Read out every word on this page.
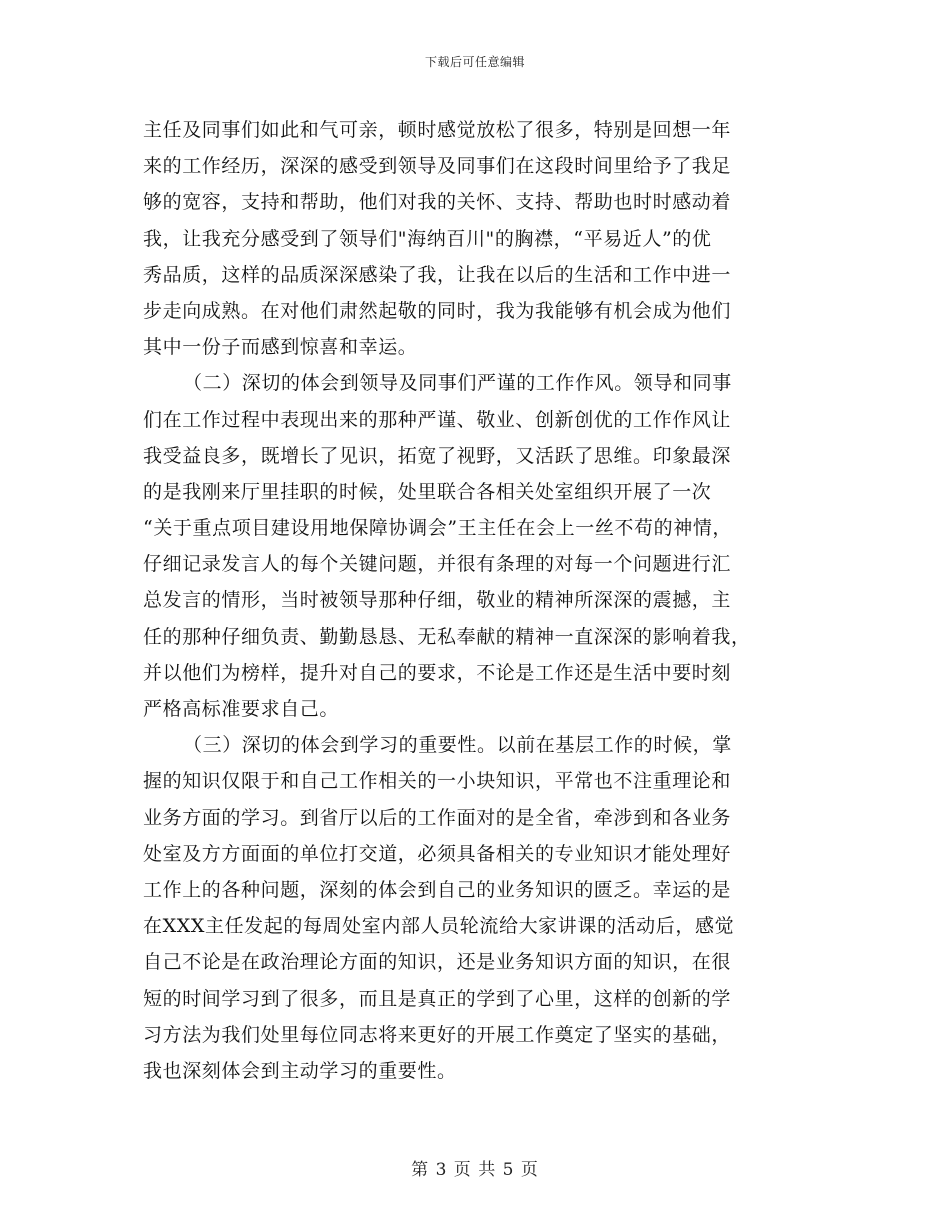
下载后可任意编辑
主任及同事们如此和气可亲，顿时感觉放松了很多，特别是回想一年
来的工作经历，深深的感受到领导及同事们在这段时间里给予了我足
够的宽容，支持和帮助，他们对我的关怀、支持、帮助也时时感动着
我，让我充分感受到了领导们"海纳百川"的胸襟，“平易近人”的优
秀品质，这样的品质深深感染了我，让我在以后的生活和工作中进一
步走向成熟。在对他们肃然起敬的同时，我为我能够有机会成为他们
其中一份子而感到惊喜和幸运。
（二）深切的体会到领导及同事们严谨的工作作风。领导和同事
们在工作过程中表现出来的那种严谨、敬业、创新创优的工作作风让
我受益良多，既增长了见识，拓宽了视野，又活跃了思维。印象最深
的是我刚来厅里挂职的时候，处里联合各相关处室组织开展了一次
“关于重点项目建设用地保障协调会”王主任在会上一丝不苟的神情，
仔细记录发言人的每个关键问题，并很有条理的对每一个问题进行汇
总发言的情形，当时被领导那种仔细，敬业的精神所深深的震撼，主
任的那种仔细负责、勤勤恳恳、无私奉献的精神一直深深的影响着我，
并以他们为榜样，提升对自己的要求，不论是工作还是生活中要时刻
严格高标准要求自己。
（三）深切的体会到学习的重要性。以前在基层工作的时候，掌
握的知识仅限于和自己工作相关的一小块知识，平常也不注重理论和
业务方面的学习。到省厅以后的工作面对的是全省，牵涉到和各业务
处室及方方面面的单位打交道，必须具备相关的专业知识才能处理好
工作上的各种问题，深刻的体会到自己的业务知识的匮乏。幸运的是
在XXX主任发起的每周处室内部人员轮流给大家讲课的活动后，感觉
自己不论是在政治理论方面的知识，还是业务知识方面的知识，在很
短的时间学习到了很多，而且是真正的学到了心里，这样的创新的学
习方法为我们处里每位同志将来更好的开展工作奠定了坚实的基础，
我也深刻体会到主动学习的重要性。
第 3 页 共 5 页
